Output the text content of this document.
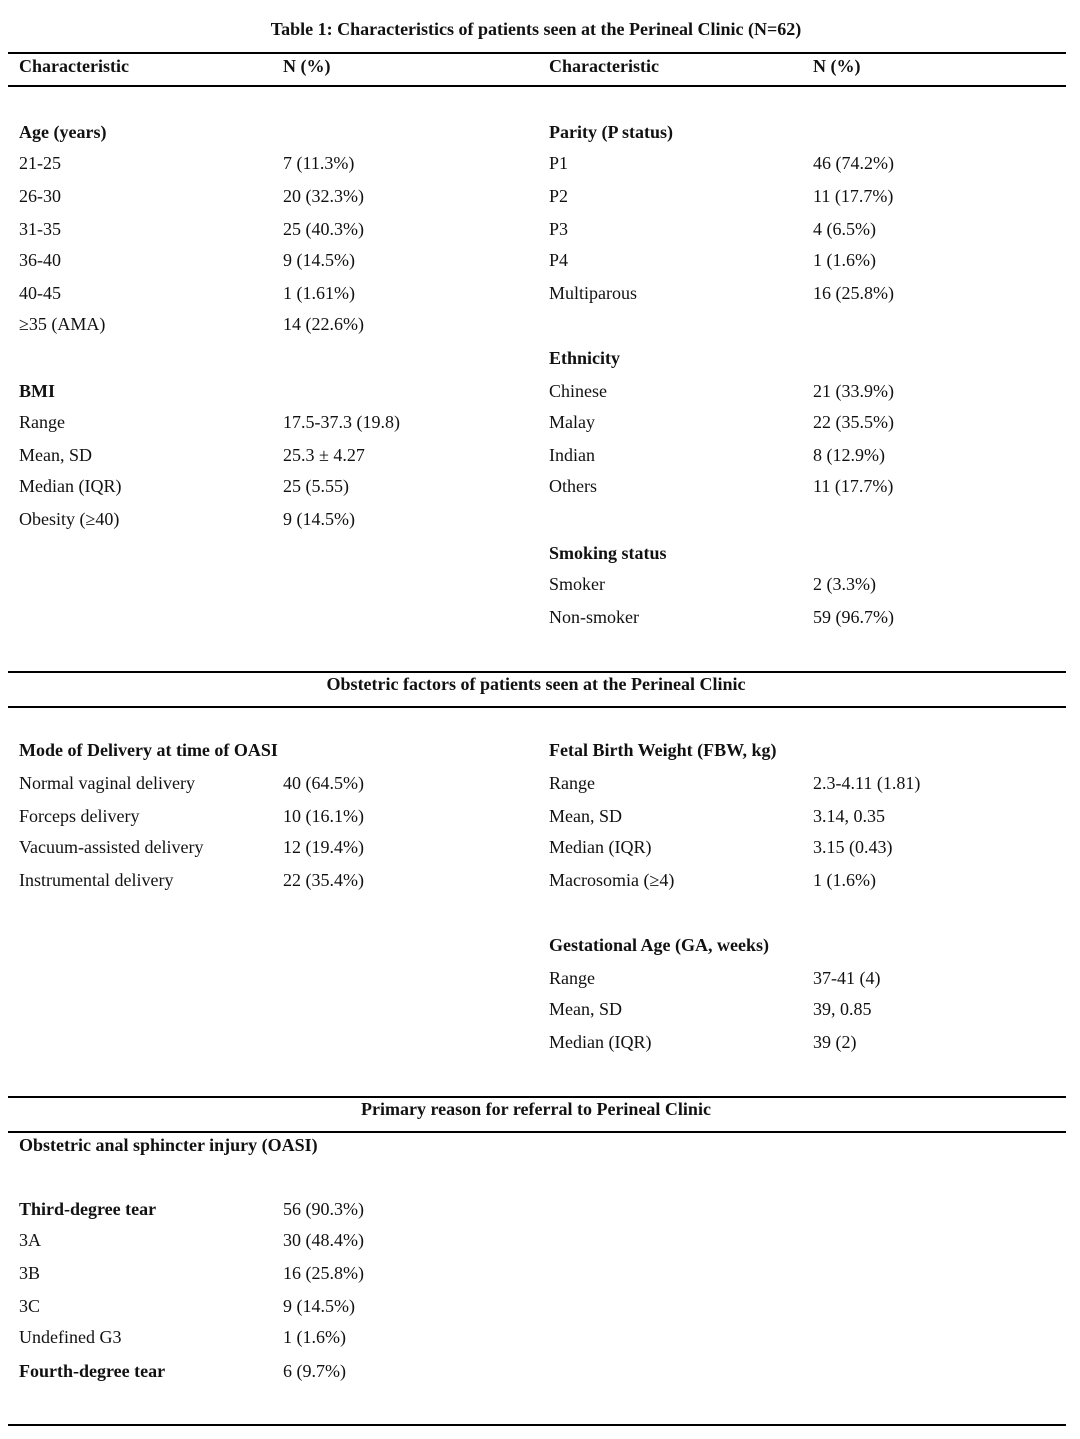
Table 1: Characteristics of patients seen at the Perineal Clinic (N=62)
Characteristic	N (%)	Characteristic	N (%)
Age (years)
21-25	7 (11.3%)
26-30	20 (32.3%)
31-35	25 (40.3%)
36-40	9 (14.5%)
40-45	1 (1.61%)
≥35 (AMA)	14 (22.6%)
BMI
Range	17.5-37.3 (19.8)
Mean, SD	25.3 ± 4.27
Median (IQR)	25 (5.55)
Obesity (≥40)	9 (14.5%)
Parity (P status)
P1	46 (74.2%)
P2	11 (17.7%)
P3	4 (6.5%)
P4	1 (1.6%)
Multiparous	16 (25.8%)
Ethnicity
Chinese	21 (33.9%)
Malay	22 (35.5%)
Indian	8 (12.9%)
Others	11 (17.7%)
Smoking status
Smoker	2 (3.3%)
Non-smoker	59 (96.7%)
Obstetric factors of patients seen at the Perineal Clinic
Mode of Delivery at time of OASI
Normal vaginal delivery	40 (64.5%)
Forceps delivery	10 (16.1%)
Vacuum-assisted delivery	12 (19.4%)
Instrumental delivery	22 (35.4%)
Fetal Birth Weight (FBW, kg)
Range	2.3-4.11 (1.81)
Mean, SD	3.14, 0.35
Median (IQR)	3.15 (0.43)
Macrosomia (≥4)	1 (1.6%)
Gestational Age (GA, weeks)
Range	37-41 (4)
Mean, SD	39, 0.85
Median (IQR)	39 (2)
Primary reason for referral to Perineal Clinic
Obstetric anal sphincter injury (OASI)
Third-degree tear	56 (90.3%)
3A	30 (48.4%)
3B	16 (25.8%)
3C	9 (14.5%)
Undefined G3	1 (1.6%)
Fourth-degree tear	6 (9.7%)
